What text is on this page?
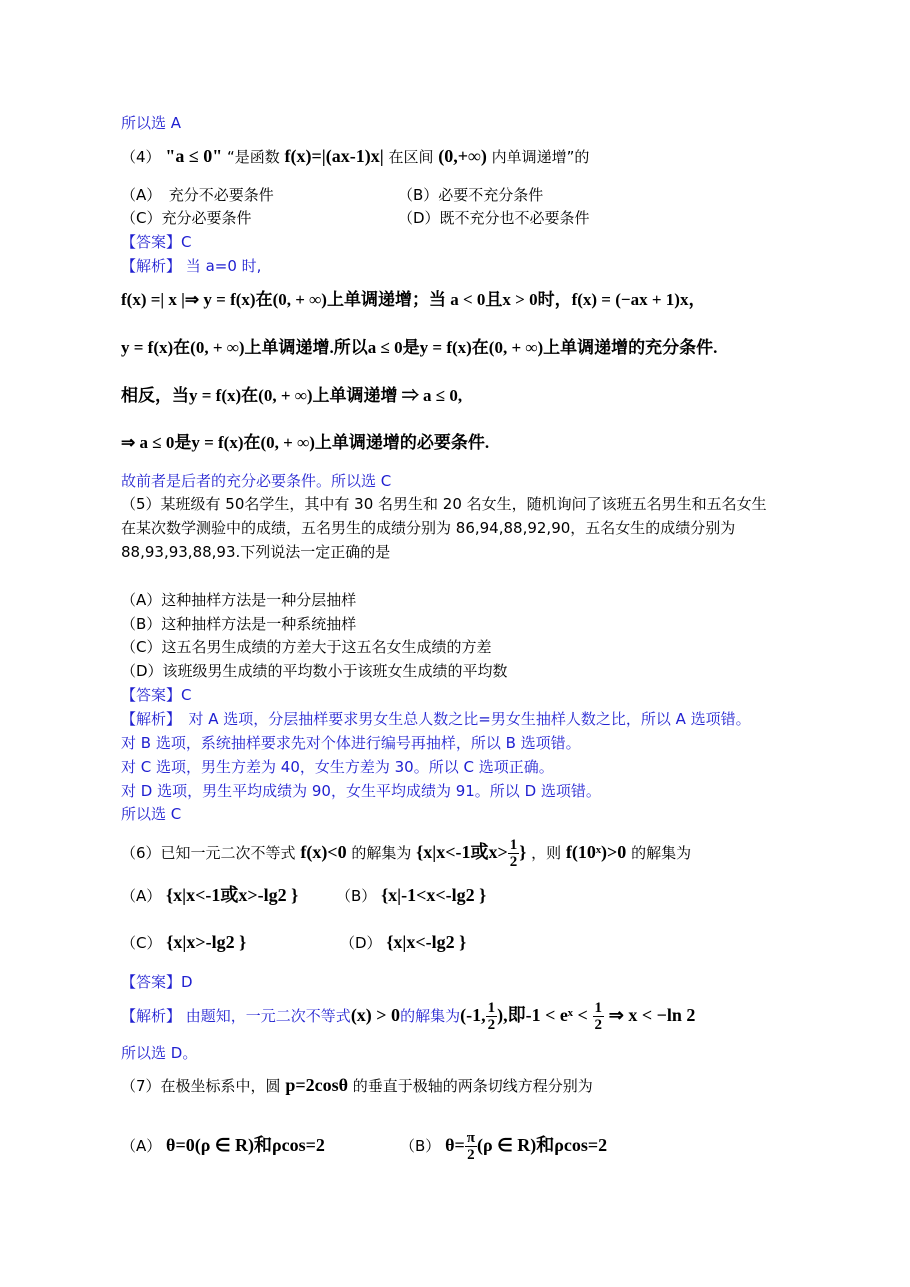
所以选 A
（4） "a ≤ 0" “是函数 f(x)=|(ax-1)x| 在区间 (0,+∞) 内单调递增”的
（A）　充分不必要条件	（B）必要不充分条件
（C）充分必要条件	（D）既不充分也不必要条件
【答案】C
【解析】 当 a=0 时,
f(x) =| x |⇒ y = f(x)在(0, + ∞)上单调递增；当 a < 0且x > 0时，f(x) = (−ax + 1)x，
y = f(x)在(0, + ∞)上单调递增.所以a ≤ 0是y = f(x)在(0, + ∞)上单调递增的充分条件.
相反，当y = f(x)在(0, + ∞)上单调递增 ⇒ a ≤ 0,
⇒ a ≤ 0是y = f(x)在(0, + ∞)上单调递增的必要条件.
故前者是后者的充分必要条件。所以选 C
（5）某班级有 50名学生，其中有 30 名男生和 20 名女生，随机询问了该班五名男生和五名女生
在某次数学测验中的成绩，五名男生的成绩分别为 86,94,88,92,90，五名女生的成绩分别为
88,93,93,88,93.下列说法一定正确的是
（A）这种抽样方法是一种分层抽样
（B）这种抽样方法是一种系统抽样
（C）这五名男生成绩的方差大于这五名女生成绩的方差
（D）该班级男生成绩的平均数小于该班女生成绩的平均数
【答案】C
【解析】　对 A 选项，分层抽样要求男女生总人数之比=男女生抽样人数之比，所以 A 选项错。
对 B 选项，系统抽样要求先对个体进行编号再抽样，所以 B 选项错。
对 C 选项，男生方差为 40，女生方差为 30。所以 C 选项正确。
对 D 选项，男生平均成绩为 90，女生平均成绩为 91。所以 D 选项错。
所以选 C
（6）已知一元二次不等式 f(x)<0 的解集为 {x|x<-1或$x> \frac{1}{2}$ } ，则 f(10ˣ)>0 的解集为
（A） {x|x<-1或x>-lg2 }	（B） {x|-1<x<-lg2 }
（C） {x|x>-lg2 }	（D） {x|x<-lg2 }
【答案】D
【解析】 由题知，一元二次不等式(x) > 0的解集为(-1, $\frac{1}{2}$ ),即-1 < eˣ < $\frac{1}{2}$ ⇒ x < −ln 2
所以选 D。
（7）在极坐标系中，圆 p=2cosθ 的垂直于极轴的两条切线方程分别为
（A） θ=0(ρ ∈ R)和ρcos=2	（B） $\theta= \frac{\pi}{2} (\rho$ ∈ R)和ρcos=2
